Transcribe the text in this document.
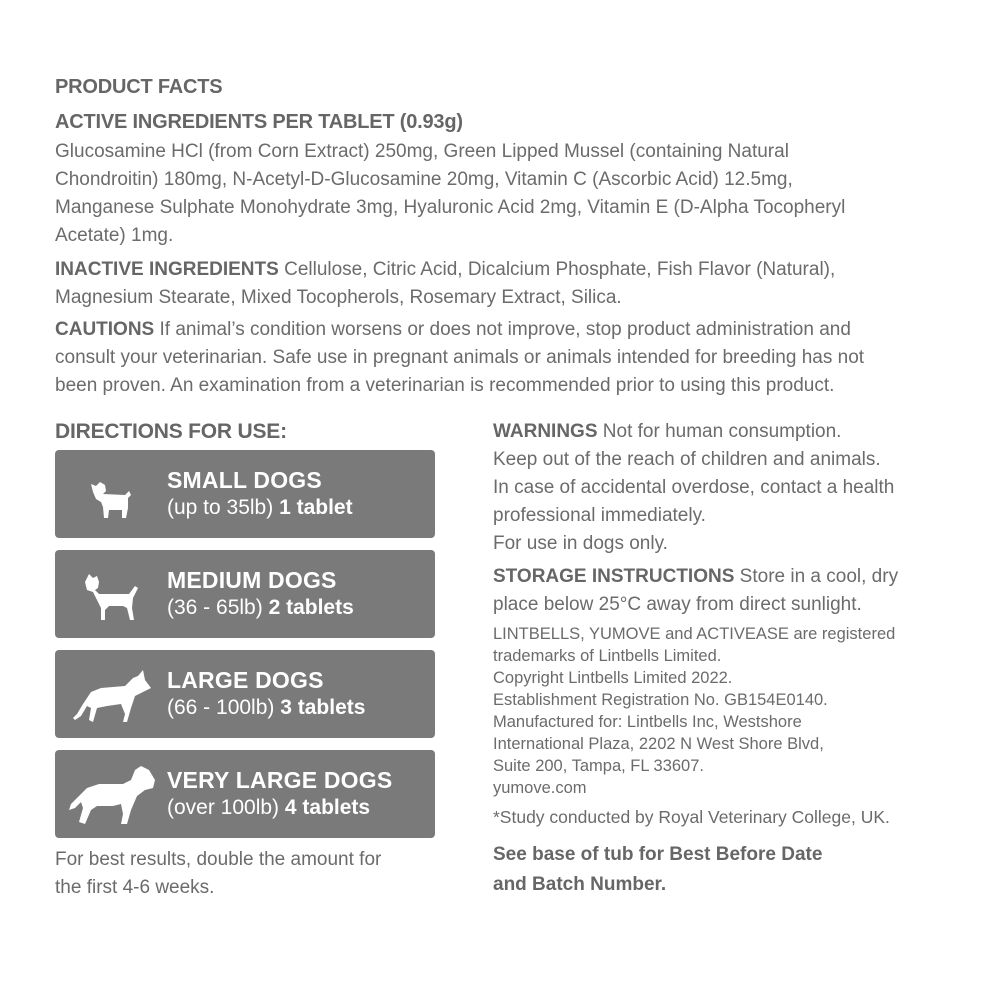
PRODUCT FACTS
ACTIVE INGREDIENTS PER TABLET (0.93g)
Glucosamine HCl (from Corn Extract) 250mg, Green Lipped Mussel (containing Natural
Chondroitin) 180mg, N-Acetyl-D-Glucosamine 20mg, Vitamin C (Ascorbic Acid) 12.5mg,
Manganese Sulphate Monohydrate 3mg, Hyaluronic Acid 2mg, Vitamin E (D-Alpha Tocopheryl
Acetate) 1mg.
INACTIVE INGREDIENTS Cellulose, Citric Acid, Dicalcium Phosphate, Fish Flavor (Natural),
Magnesium Stearate, Mixed Tocopherols, Rosemary Extract, Silica.
CAUTIONS If animal’s condition worsens or does not improve, stop product administration and
consult your veterinarian. Safe use in pregnant animals or animals intended for breeding has not
been proven. An examination from a veterinarian is recommended prior to using this product.
DIRECTIONS FOR USE:
SMALL DOGS
(up to 35lb) 1 tablet
MEDIUM DOGS
(36 - 65lb) 2 tablets
LARGE DOGS
(66 - 100lb) 3 tablets
VERY LARGE DOGS
(over 100lb) 4 tablets
For best results, double the amount for
the first 4-6 weeks.
WARNINGS Not for human consumption.
Keep out of the reach of children and animals.
In case of accidental overdose, contact a health
professional immediately.
For use in dogs only.
STORAGE INSTRUCTIONS Store in a cool, dry
place below 25°C away from direct sunlight.
LINTBELLS, YUMOVE and ACTIVEASE are registered
trademarks of Lintbells Limited.
Copyright Lintbells Limited 2022.
Establishment Registration No. GB154E0140.
Manufactured for: Lintbells Inc, Westshore
International Plaza, 2202 N West Shore Blvd,
Suite 200, Tampa, FL 33607.
yumove.com
*Study conducted by Royal Veterinary College, UK.
See base of tub for Best Before Date
and Batch Number.
